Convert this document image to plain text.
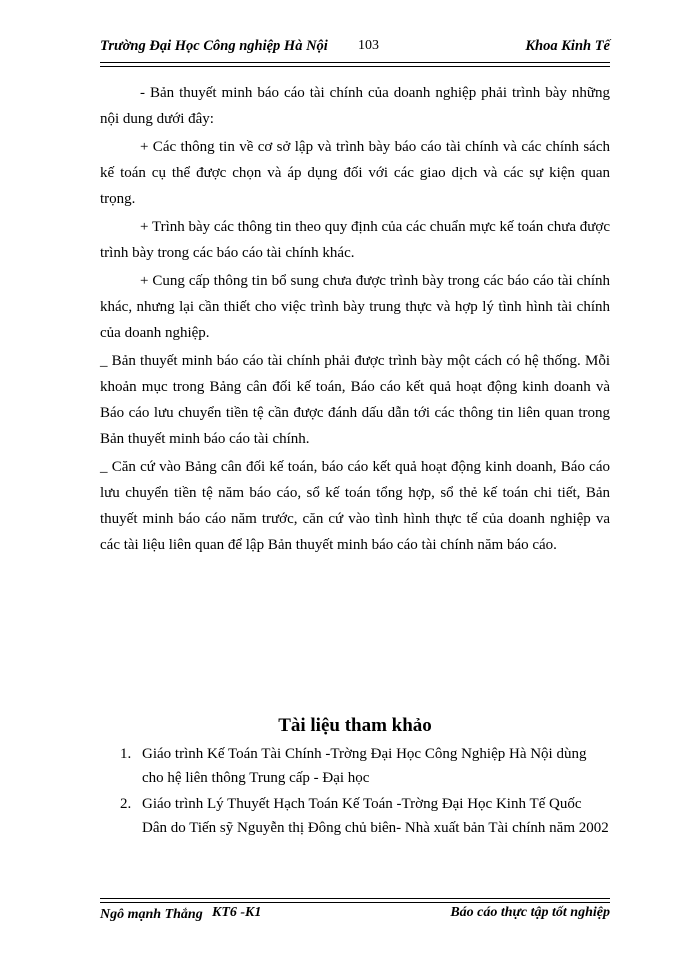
Trường Đại Học Công nghiệp Hà Nội 103	Khoa Kinh Tế

- Bản thuyết minh báo cáo tài chính của doanh nghiệp phải trình bày những nội dung dưới đây:

+ Các thông tin về cơ sở lập và trình bày báo cáo tài chính và các chính sách kế toán cụ thể được chọn và áp dụng đối với các giao dịch và các sự kiện quan trọng.

+ Trình bày các thông tin theo quy định của các chuẩn mực kế toán chưa được trình bày trong các báo cáo tài chính khác.

+ Cung cấp thông tin bổ sung chưa được trình bày trong các báo cáo tài chính khác, nhưng lại cần thiết cho việc trình bày trung thực và hợp lý tình hình tài chính của doanh nghiệp.

_ Bản thuyết minh báo cáo tài chính phải được trình bày một cách có hệ thống. Mỗi khoản mục trong Bảng cân đối kế toán, Báo cáo kết quả hoạt động kinh doanh và Báo cáo lưu chuyển tiền tệ cần được đánh dấu dẫn tới các thông tin liên quan trong Bản thuyết minh báo cáo tài chính.

_ Căn cứ vào Bảng cân đối kế toán, báo cáo kết quả hoạt động kinh doanh, Báo cáo lưu chuyển tiền tệ năm báo cáo, sổ kế toán tổng hợp, sổ thẻ kế toán chi tiết, Bản thuyết minh báo cáo năm trước, căn cứ vào tình hình thực tế của doanh nghiệp va các tài liệu liên quan để lập Bản thuyết minh báo cáo tài chính năm báo cáo.

Tài liệu tham khảo
1. Giáo trình Kế Toán Tài Chính -Trờng Đại Học Công Nghiệp Hà Nội dùng cho hệ liên thông Trung cấp - Đại học
2. Giáo trình Lý Thuyết Hạch Toán Kế Toán -Trờng Đại Học Kinh Tế Quốc Dân do Tiến sỹ Nguyễn thị Đông chủ biên- Nhà xuất bản Tài chính năm 2002
Ngô mạnh Thắng KT6 -K1	Báo cáo thực tập tốt nghiệp
